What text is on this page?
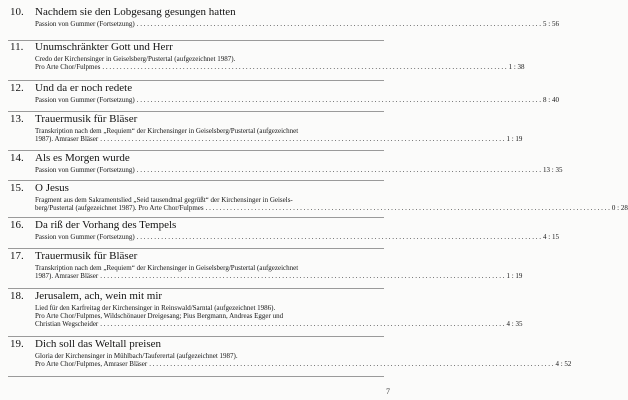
10. Nachdem sie den Lobgesang gesungen hatten
Passion von Gummer (Fortsetzung) . . .	5 : 56
11. Unumschränkter Gott und Herr
Credo der Kirchensinger in Geiselsberg/Pustertal (aufgezeichnet 1987).
Pro Arte Chor/Fulpmes . . .	1 : 38
12. Und da er noch redete
Passion von Gummer (Fortsetzung) . . .	8 : 40
13. Trauermusik für Bläser
Transkription nach dem „Requiem“ der Kirchensinger in Geiselsberg/Pustertal (aufgezeichnet
1987). Amraser Bläser . . .	1 : 19
14. Als es Morgen wurde
Passion von Gummer (Fortsetzung) . . .	13 : 35
15. O Jesus
Fragment aus dem Sakramentslied „Seid tausendmal gegrüßt“ der Kirchensinger in Geisels-
berg/Pustertal (aufgezeichnet 1987). Pro Arte Chor/Fulpmes . . .	0 : 28
16. Da riß der Vorhang des Tempels
Passion von Gummer (Fortsetzung) . . .	4 : 15
17. Trauermusik für Bläser
Transkription nach dem „Requiem“ der Kirchensinger in Geiselsberg/Pustertal (aufgezeichnet
1987). Amraser Bläser . . .	1 : 19
18. Jerusalem, ach, wein mit mir
Lied für den Karfreitag der Kirchensinger in Reinswald/Sarntal (aufgezeichnet 1986).
Pro Arte Chor/Fulpmes, Wildschönauer Dreigesang; Pius Bergmann, Andreas Egger und
Christian Wegscheider . . .	4 : 35
19. Dich soll das Weltall preisen
Gloria der Kirchensinger in Mühlbach/Tauferertal (aufgezeichnet 1987).
Pro Arte Chor/Fulpmes, Amraser Bläser . . .	4 : 52
7
